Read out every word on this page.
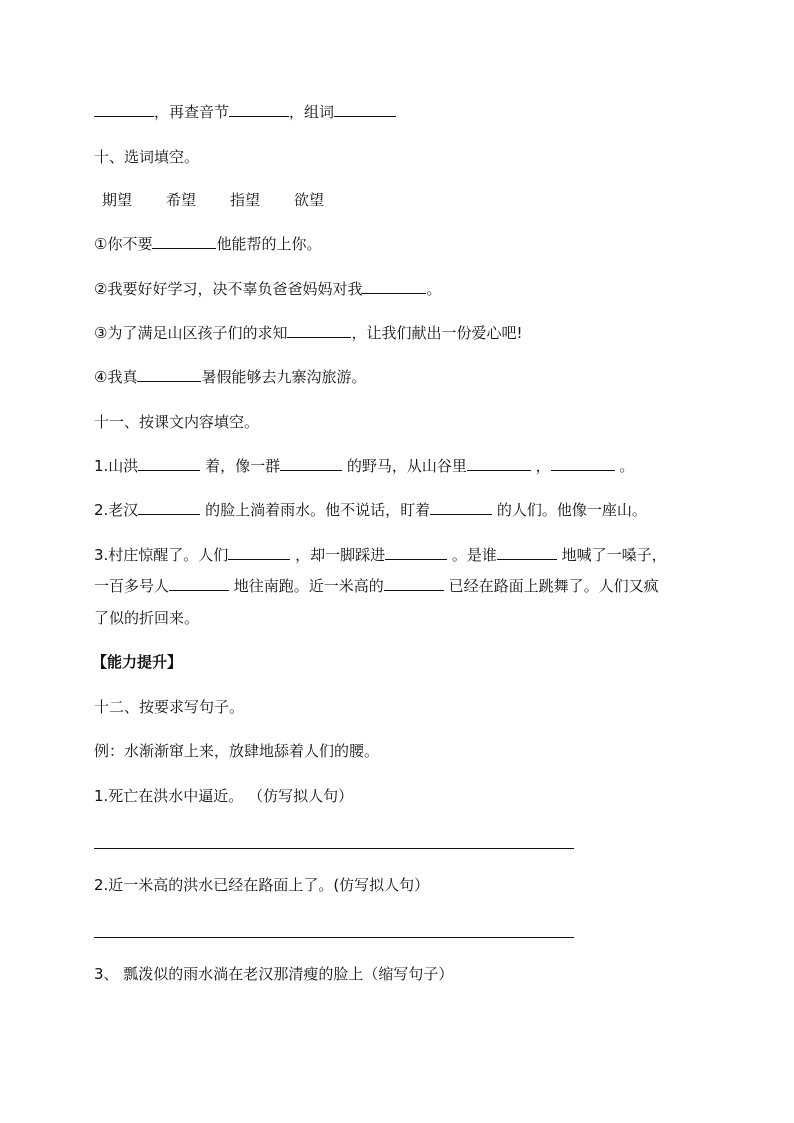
，再查音节	，组词
十、选词填空。
期望 希望 指望 欲望
①你不要	他能帮的上你。
②我要好好学习，决不辜负爸爸妈妈对我	。
③为了满足山区孩子们的求知	，让我们献出一份爱心吧!
④我真	暑假能够去九寨沟旅游。
十一、按课文内容填空。
1.山洪	着，像一群	的野马，从山谷里	，	。
2.老汉	的脸上淌着雨水。他不说话，盯着	的人们。他像一座山。
3.村庄惊醒了。人们	，却一脚踩进	。是谁	地喊了一嗓子，
一百多号人	地往南跑。近一米高的	已经在路面上跳舞了。人们又疯
了似的折回来。
【能力提升】
十二、按要求写句子。
例：水渐渐窜上来，放肆地舔着人们的腰。
1.死亡在洪水中逼近。 （仿写拟人句）
2.近一米高的洪水已经在路面上了。(仿写拟人句）
3、 瓢泼似的雨水淌在老汉那清瘦的脸上（缩写句子）
